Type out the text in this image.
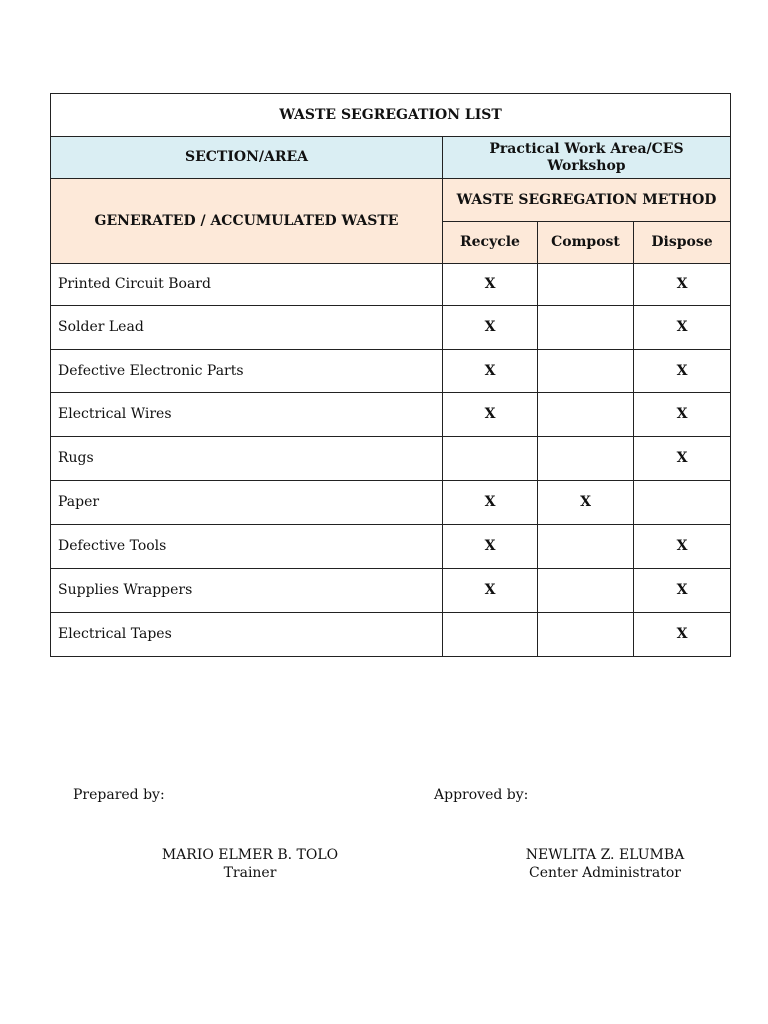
WASTE SEGREGATION LIST			
SECTION/AREA	Practical Work Area/CES Workshop		
GENERATED / ACCUMULATED WASTE	WASTE SEGREGATION METHOD		
	Recycle	Compost	Dispose
Printed Circuit Board	X		X
Solder Lead	X		X
Defective Electronic Parts	X		X
Electrical Wires	X		X
Rugs			X
Paper	X	X	
Defective Tools	X		X
Supplies Wrappers	X		X
Electrical Tapes			X
Prepared by:	Approved by:
MARIO ELMER B. TOLO
Trainer
NEWLITA Z. ELUMBA
Center Administrator
